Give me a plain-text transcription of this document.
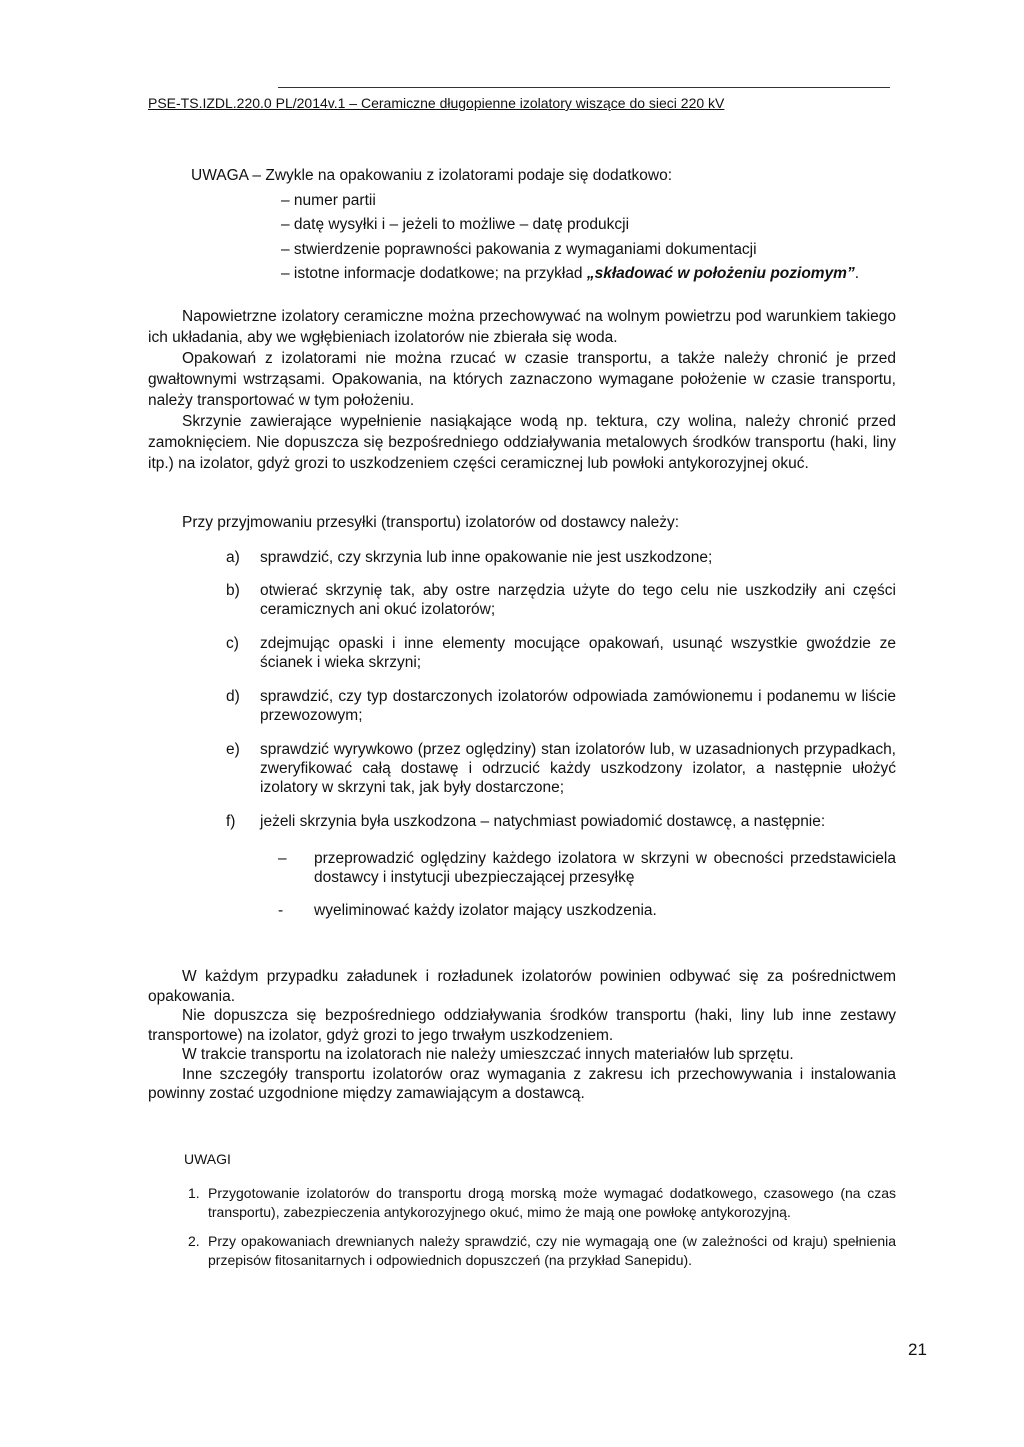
PSE-TS.IZDL.220.0 PL/2014v.1 – Ceramiczne długopienne izolatory wiszące do sieci 220 kV
UWAGA – Zwykle na opakowaniu z izolatorami podaje się dodatkowo:
– numer partii
– datę wysyłki i – jeżeli to możliwe – datę produkcji
– stwierdzenie poprawności pakowania z wymaganiami dokumentacji
– istotne informacje dodatkowe; na przykład „składować w położeniu poziomym”.

Napowietrzne izolatory ceramiczne można przechowywać na wolnym powietrzu pod warunkiem takiego ich układania, aby we wgłębieniach izolatorów nie zbierała się woda.

Opakowań z izolatorami nie można rzucać w czasie transportu, a także należy chronić je przed gwałtownymi wstrząsami. Opakowania, na których zaznaczono wymagane położenie w czasie transportu, należy transportować w tym położeniu.

Skrzynie zawierające wypełnienie nasiąkające wodą np. tektura, czy wolina, należy chronić przed zamoknięciem. Nie dopuszcza się bezpośredniego oddziaływania metalowych środków transportu (haki, liny itp.) na izolator, gdyż grozi to uszkodzeniem części ceramicznej lub powłoki antykorozyjnej okuć.

Przy przyjmowaniu przesyłki (transportu) izolatorów od dostawcy należy:
a)	sprawdzić, czy skrzynia lub inne opakowanie nie jest uszkodzone;
b)	otwierać skrzynię tak, aby ostre narzędzia użyte do tego celu nie uszkodziły ani części ceramicznych ani okuć izolatorów;
c)	zdejmując opaski i inne elementy mocujące opakowań, usunąć wszystkie gwoździe ze ścianek i wieka skrzyni;
d)	sprawdzić, czy typ dostarczonych izolatorów odpowiada zamówionemu i podanemu w liście przewozowym;
e)	sprawdzić wyrywkowo (przez oględziny) stan izolatorów lub, w uzasadnionych przypadkach, zweryfikować całą dostawę i odrzucić każdy uszkodzony izolator, a następnie ułożyć izolatory w skrzyni tak, jak były dostarczone;
f)	jeżeli skrzynia była uszkodzona – natychmiast powiadomić dostawcę, a następnie:
–	przeprowadzić oględziny każdego izolatora w skrzyni w obecności przedstawiciela dostawcy i instytucji ubezpieczającej przesyłkę
-	wyeliminować każdy izolator mający uszkodzenia.

W każdym przypadku załadunek i rozładunek izolatorów powinien odbywać się za pośrednictwem opakowania.

Nie dopuszcza się bezpośredniego oddziaływania środków transportu (haki, liny lub inne zestawy transportowe) na izolator, gdyż grozi to jego trwałym uszkodzeniem.

W trakcie transportu na izolatorach nie należy umieszczać innych materiałów lub sprzętu.

Inne szczegóły transportu izolatorów oraz wymagania z zakresu ich przechowywania i instalowania powinny zostać uzgodnione między zamawiającym a dostawcą.

UWAGI
1. Przygotowanie izolatorów do transportu drogą morską może wymagać dodatkowego, czasowego (na czas transportu), zabezpieczenia antykorozyjnego okuć, mimo że mają one powłokę antykorozyjną.
2. Przy opakowaniach drewnianych należy sprawdzić, czy nie wymagają one (w zależności od kraju) spełnienia przepisów fitosanitarnych i odpowiednich dopuszczeń (na przykład Sanepidu).
21
